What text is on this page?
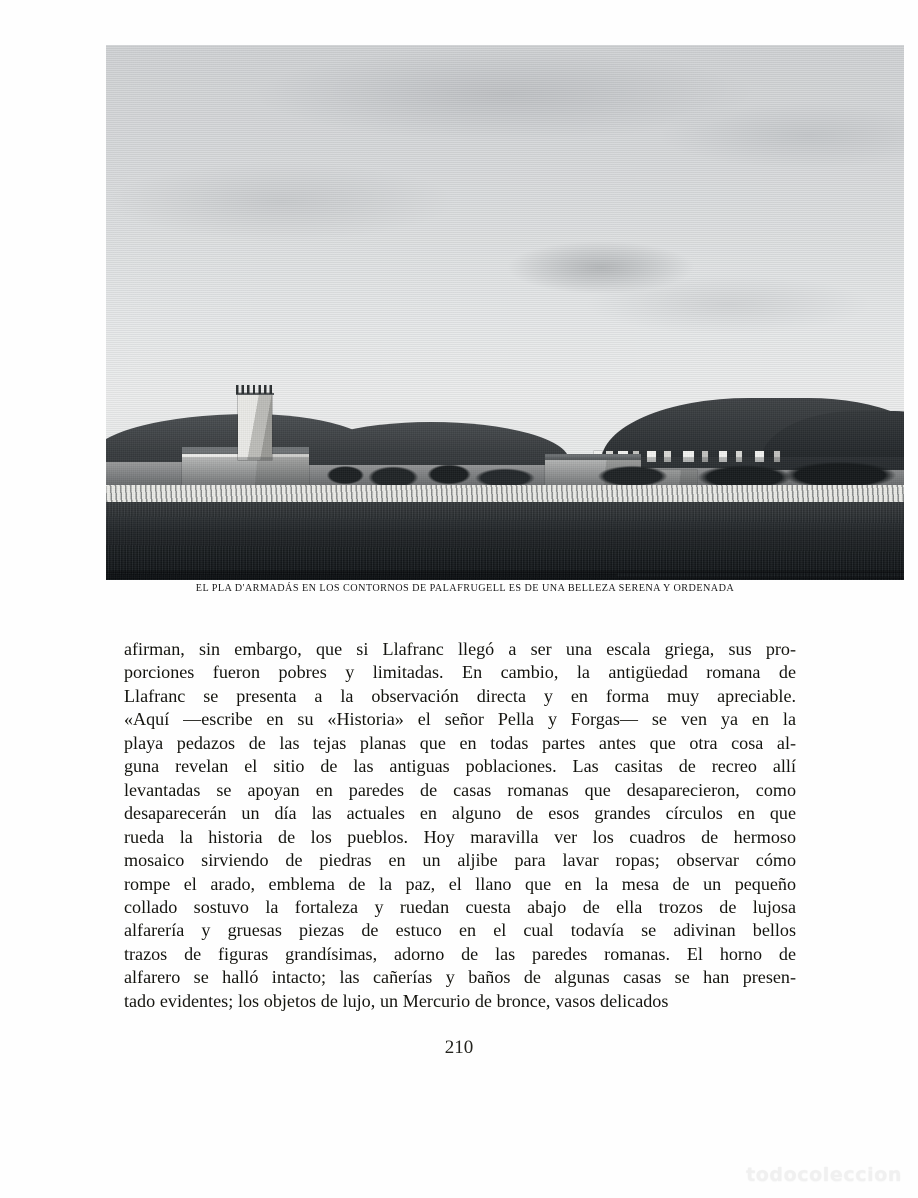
EL PLA D'ARMADÁS EN LOS CONTORNOS DE PALAFRUGELL ES DE UNA BELLEZA SERENA Y ORDENADA

afirman, sin embargo, que si Llafranc llegó a ser una escala griega, sus pro-

porciones fueron pobres y limitadas. En cambio, la antigüedad romana de

Llafranc se presenta a la observación directa y en forma muy apreciable.

«Aquí —escribe en su «Historia» el señor Pella y Forgas— se ven ya en la

playa pedazos de las tejas planas que en todas partes antes que otra cosa al-

guna revelan el sitio de las antiguas poblaciones. Las casitas de recreo allí

levantadas se apoyan en paredes de casas romanas que desaparecieron, como

desaparecerán un día las actuales en alguno de esos grandes círculos en que

rueda la historia de los pueblos. Hoy maravilla ver los cuadros de hermoso

mosaico sirviendo de piedras en un aljibe para lavar ropas; observar cómo

rompe el arado, emblema de la paz, el llano que en la mesa de un pequeño

collado sostuvo la fortaleza y ruedan cuesta abajo de ella trozos de lujosa

alfarería y gruesas piezas de estuco en el cual todavía se adivinan bellos

trazos de figuras grandísimas, adorno de las paredes romanas. El horno de

alfarero se halló intacto; las cañerías y baños de algunas casas se han presen-

tado evidentes; los objetos de lujo, un Mercurio de bronce, vasos delicados

210
todocoleccion
